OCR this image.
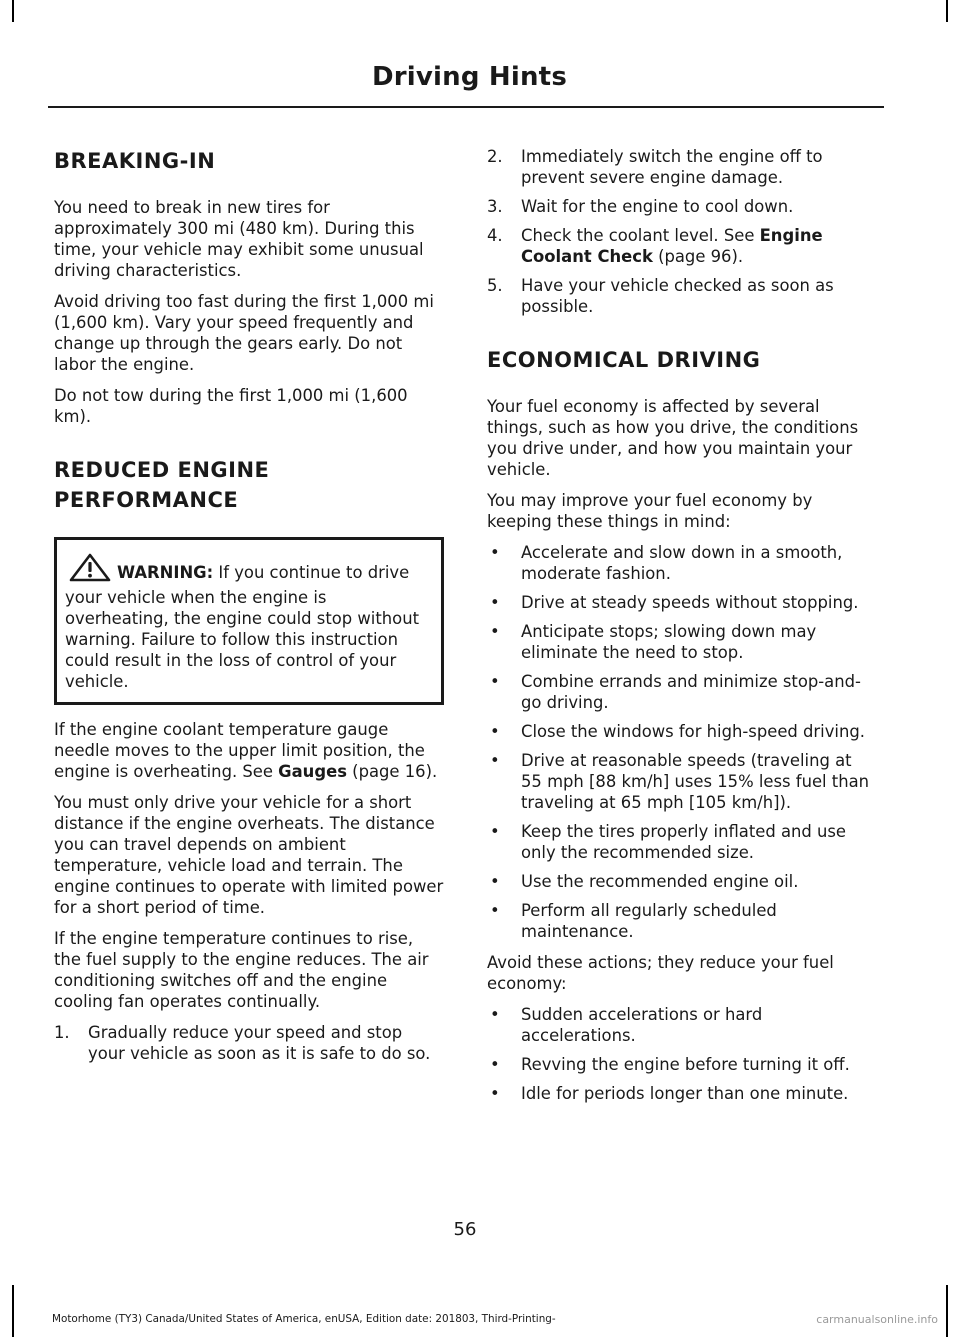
Driving Hints
BREAKING-IN

You need to break in new tires for approximately 300 mi (480 km). During this time, your vehicle may exhibit some unusual driving characteristics.

Avoid driving too fast during the first 1,000 mi (1,600 km). Vary your speed frequently and change up through the gears early. Do not labor the engine.

Do not tow during the first 1,000 mi (1,600 km).

REDUCED ENGINE
PERFORMANCE
WARNING: If you continue to drive your vehicle when the engine is overheating, the engine could stop without warning. Failure to follow this instruction could result in the loss of control of your vehicle.

If the engine coolant temperature gauge needle moves to the upper limit position, the engine is overheating. See Gauges (page 16).

You must only drive your vehicle for a short distance if the engine overheats. The distance you can travel depends on ambient temperature, vehicle load and terrain. The engine continues to operate with limited power for a short period of time.

If the engine temperature continues to rise, the fuel supply to the engine reduces. The air conditioning switches off and the engine cooling fan operates continually.

1. Gradually reduce your speed and stop your vehicle as soon as it is safe to do so.
2. Immediately switch the engine off to prevent severe engine damage.
3. Wait for the engine to cool down.
4. Check the coolant level. See Engine Coolant Check (page 96).
5. Have your vehicle checked as soon as possible.
ECONOMICAL DRIVING

Your fuel economy is affected by several things, such as how you drive, the conditions you drive under, and how you maintain your vehicle.

You may improve your fuel economy by keeping these things in mind:

• Accelerate and slow down in a smooth, moderate fashion.
• Drive at steady speeds without stopping.
• Anticipate stops; slowing down may eliminate the need to stop.
• Combine errands and minimize stop-and-go driving.
• Close the windows for high-speed driving.
• Drive at reasonable speeds (traveling at 55 mph [88 km/h] uses 15% less fuel than traveling at 65 mph [105 km/h]).
• Keep the tires properly inflated and use only the recommended size.
• Use the recommended engine oil.
• Perform all regularly scheduled maintenance.

Avoid these actions; they reduce your fuel economy:

• Sudden accelerations or hard accelerations.
• Revving the engine before turning it off.
• Idle for periods longer than one minute.

56

Motorhome (TY3) Canada/United States of America, enUSA, Edition date: 201803, Third-Printing-	carmanualsonline.info
